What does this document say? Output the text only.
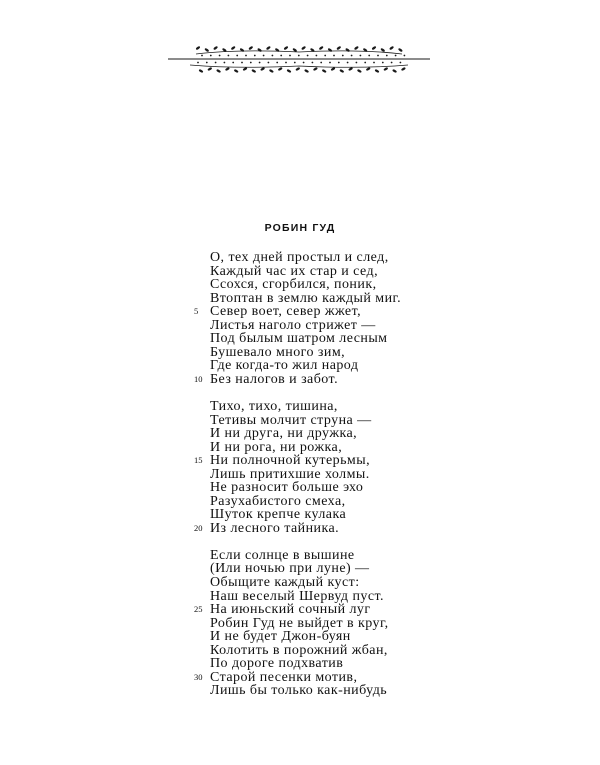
РОБИН ГУД
О, тех дней простыл и след,
Каждый час их стар и сед,
Ссохся, сгорбился, поник,
Втоптан в землю каждый миг.
Север воет, север жжет,
5
Листья наголо стрижет —
Под былым шатром лесным
Бушевало много зим,
Где когда-то жил народ
Без налогов и забот.
10
Тихо, тихо, тишина,
Тетивы молчит струна —
И ни друга, ни дружка,
И ни рога, ни рожка,
Ни полночной кутерьмы,
15
Лишь притихшие холмы.
Не разносит больше эхо
Разухабистого смеха,
Шуток крепче кулака
Из лесного тайника.
20
Если солнце в вышине
(Или ночью при луне) —
Обыщите каждый куст:
Наш веселый Шервуд пуст.
На июньский сочный луг
25
Робин Гуд не выйдет в круг,
И не будет Джон-буян
Колотить в порожний жбан,
По дороге подхватив
Старой песенки мотив,
30
Лишь бы только как-нибудь
